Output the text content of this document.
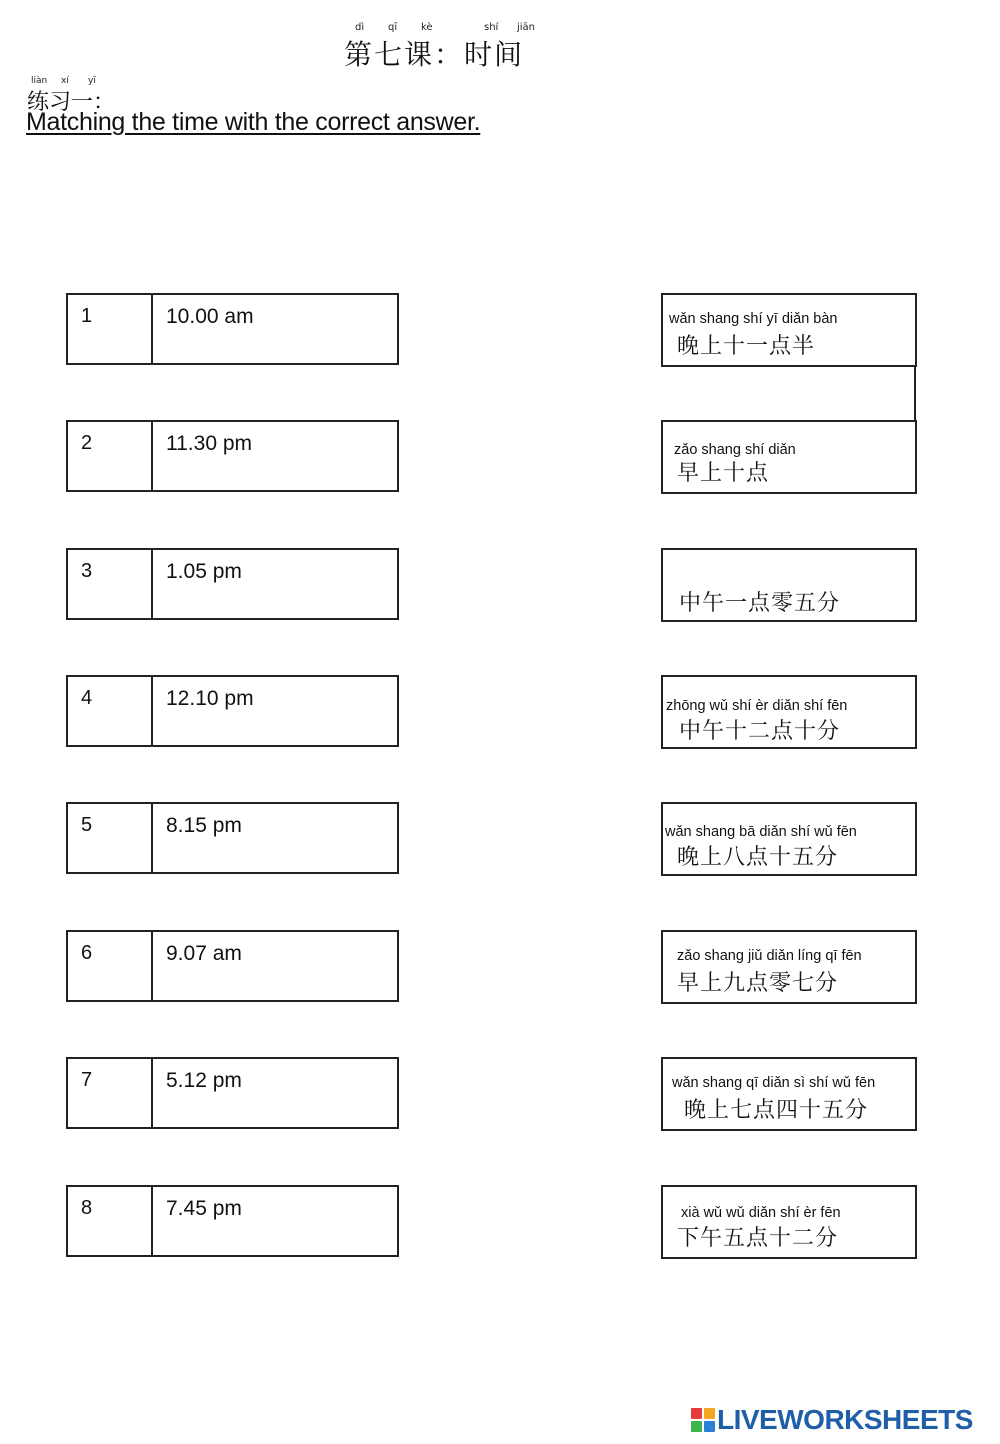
dì qī kè	shí jiān
第七课：时间
liàn xí yī
练习一：
Matching the time with the correct answer.
1	10.00 am
2	11.30 pm
3	1.05 pm
4	12.10 pm
5	8.15 pm
6	9.07 am
7	5.12 pm
8	7.45 pm
wǎn shang shí yī diǎn bàn
晚上十一点半
zǎo shang shí diǎn
早上十点
中午一点零五分
zhōng wǔ shí èr diǎn shí fēn
中午十二点十分
wǎn shang bā diǎn shí wǔ fēn
晚上八点十五分
zǎo shang jiǔ diǎn líng qī fēn
早上九点零七分
wǎn shang qī diǎn sì shí wǔ fēn
晚上七点四十五分
xià wǔ wǔ diǎn shí èr fēn
下午五点十二分
LIVEWORKSHEETS
